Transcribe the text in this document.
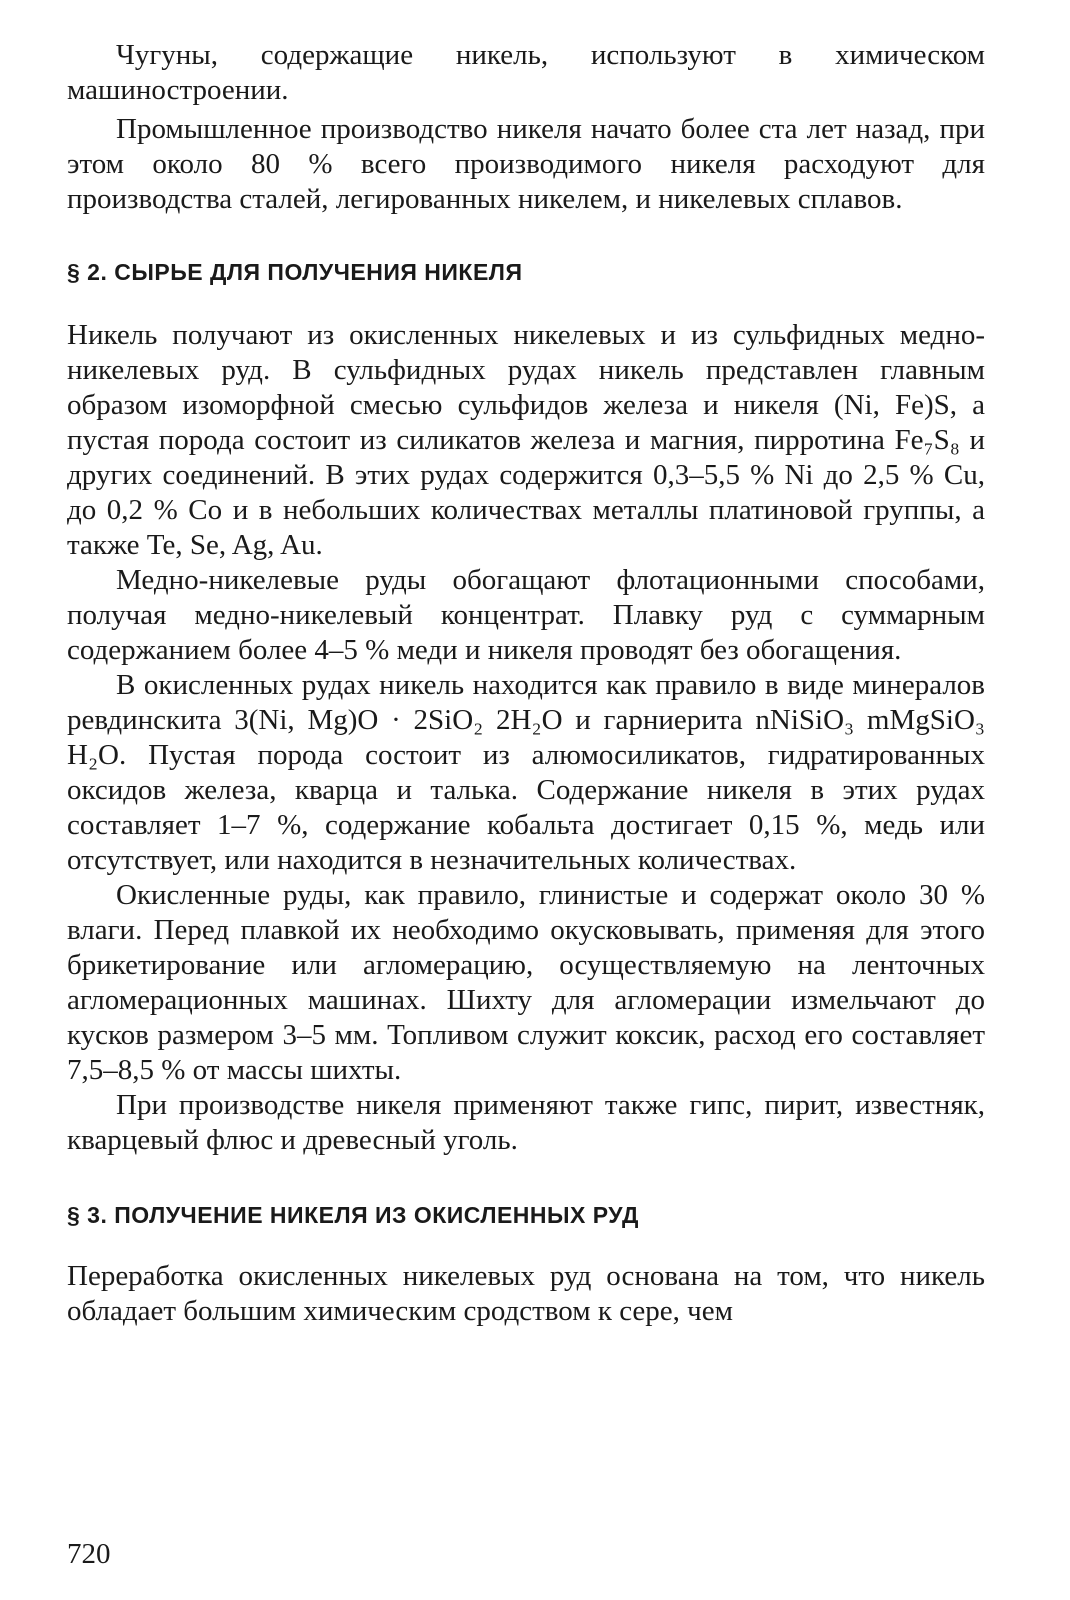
Чугуны, содержащие никель, используют в химическом машиностроении.

Промышленное производство никеля начато более ста лет назад, при этом около 80 % всего производимого никеля расходуют для производства сталей, легированных никелем, и никелевых сплавов.

§ 2. СЫРЬЕ ДЛЯ ПОЛУЧЕНИЯ НИКЕЛЯ

Никель получают из окисленных никелевых и из сульфидных медно-никелевых руд. В сульфидных рудах никель представлен главным образом изоморфной смесью сульфидов железа и никеля (Ni, Fe)S, а пустая порода состоит из силикатов железа и магния, пирротина Fe₇S₈ и других соединений. В этих рудах содержится 0,3–5,5 % Ni до 2,5 % Cu, до 0,2 % Co и в небольших количествах металлы платиновой группы, а также Te, Se, Ag, Au.

Медно-никелевые руды обогащают флотационными способами, получая медно-никелевый концентрат. Плавку руд с суммарным содержанием более 4–5 % меди и никеля проводят без обогащения.

В окисленных рудах никель находится как правило в виде минералов ревдинскита 3(Ni, Mg)O · 2SiO₂ 2H₂O и гарниерита nNiSiO₃ mMgSiO₃ H₂O. Пустая порода состоит из алюмосиликатов, гидратированных оксидов железа, кварца и талька. Содержание никеля в этих рудах составляет 1–7 %, содержание кобальта достигает 0,15 %, медь или отсутствует, или находится в незначительных количествах.

Окисленные руды, как правило, глинистые и содержат около 30 % влаги. Перед плавкой их необходимо окусковывать, применяя для этого брикетирование или агломерацию, осуществляемую на ленточных агломерационных машинах. Шихту для агломерации измельчают до кусков размером 3–5 мм. Топливом служит коксик, расход его составляет 7,5–8,5 % от массы шихты.

При производстве никеля применяют также гипс, пирит, известняк, кварцевый флюс и древесный уголь.

§ 3. ПОЛУЧЕНИЕ НИКЕЛЯ ИЗ ОКИСЛЕННЫХ РУД

Переработка окисленных никелевых руд основана на том, что никель обладает большим химическим сродством к сере, чем

720
